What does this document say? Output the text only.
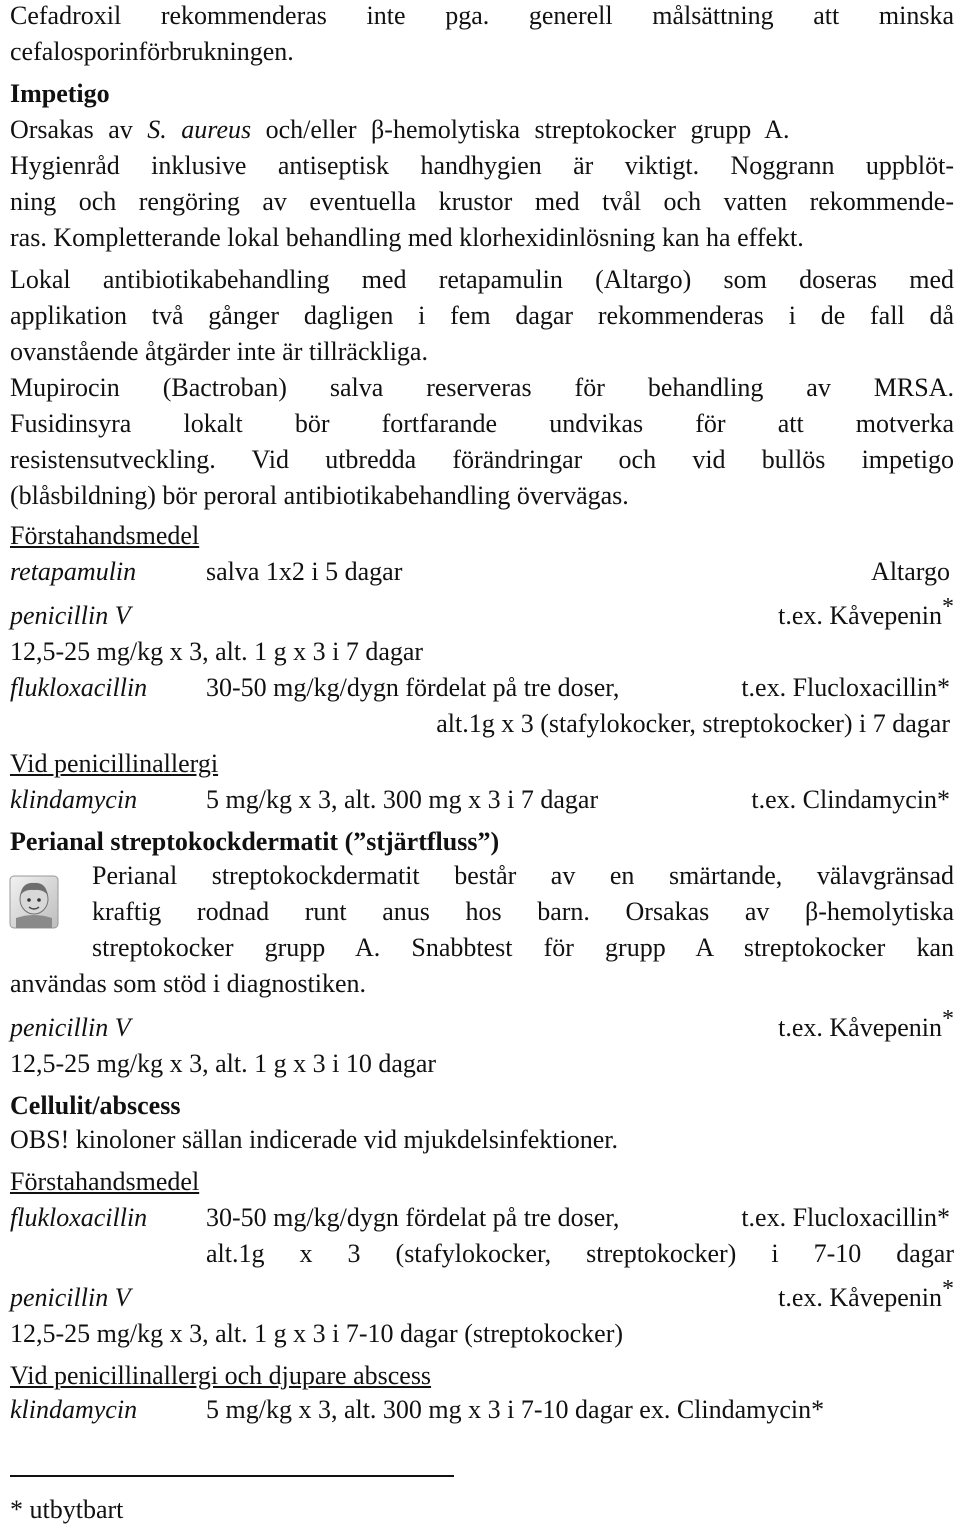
Cefadroxil rekommenderas inte pga. generell målsättning att minska
cefalosporinförbrukningen.
Impetigo
Orsakas av S. aureus och/eller β-hemolytiska streptokocker grupp A.
Hygienråd inklusive antiseptisk handhygien är viktigt. Noggrann uppblöt-
ning och rengöring av eventuella krustor med tvål och vatten rekommende-
ras. Kompletterande lokal behandling med klorhexidinlösning kan ha effekt.
Lokal antibiotikabehandling med retapamulin (Altargo) som doseras med
applikation två gånger dagligen i fem dagar rekommenderas i de fall då
ovanstående åtgärder inte är tillräckliga.
Mupirocin (Bactroban) salva reserveras för behandling av MRSA.
Fusidinsyra lokalt bör fortfarande undvikas för att motverka
resistensutveckling. Vid utbredda förändringar och vid bullös impetigo
(blåsbildning) bör peroral antibiotikabehandling övervägas.
Förstahandsmedel
retapamulin	salva 1x2 i 5 dagar	Altargo
penicillin V	t.ex. Kåvepenin*
12,5-25 mg/kg x 3, alt. 1 g x 3 i 7 dagar
flukloxacillin 30-50 mg/kg/dygn fördelat på tre doser,	t.ex. Flucloxacillin*
alt.1g x 3 (stafylokocker, streptokocker) i 7 dagar
Vid penicillinallergi
klindamycin	5 mg/kg x 3, alt. 300 mg x 3 i 7 dagar	t.ex. Clindamycin*
Perianal streptokockdermatit (”stjärtfluss”)
Perianal streptokockdermatit består av en smärtande, välavgränsad
kraftig rodnad runt anus hos barn. Orsakas av β-hemolytiska
streptokocker grupp A. Snabbtest för grupp A streptokocker kan
användas som stöd i diagnostiken.
penicillin V	t.ex. Kåvepenin*
12,5-25 mg/kg x 3, alt. 1 g x 3 i 10 dagar
Cellulit/abscess
OBS! kinoloner sällan indicerade vid mjukdelsinfektioner.
Förstahandsmedel
flukloxacillin 30-50 mg/kg/dygn fördelat på tre doser,	t.ex. Flucloxacillin*
alt.1g x 3 (stafylokocker, streptokocker) i 7-10 dagar
penicillin V	t.ex. Kåvepenin*
12,5-25 mg/kg x 3, alt. 1 g x 3 i 7-10 dagar (streptokocker)
Vid penicillinallergi och djupare abscess
klindamycin	5 mg/kg x 3, alt. 300 mg x 3 i 7-10 dagar ex. Clindamycin*
* utbytbart
